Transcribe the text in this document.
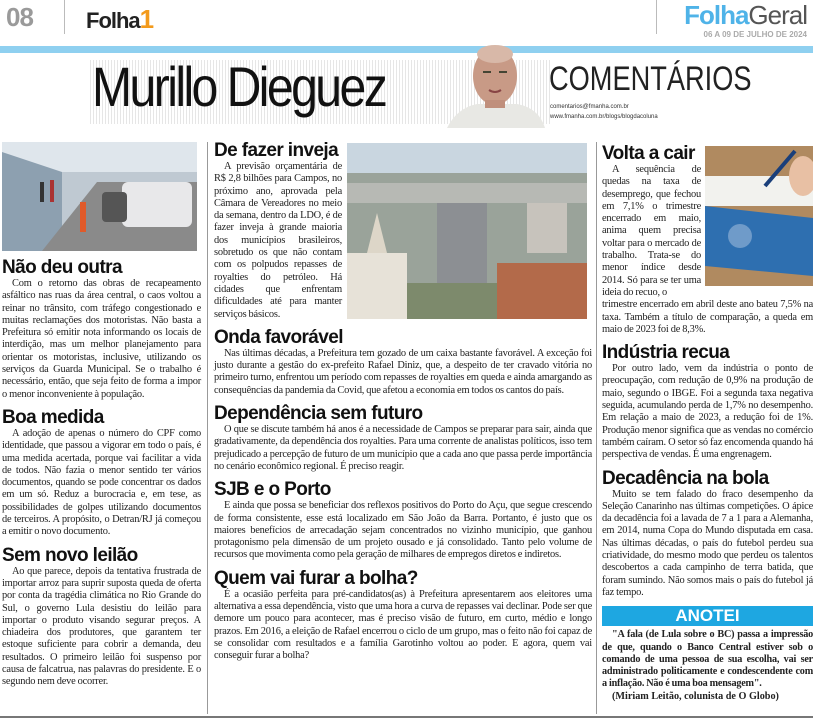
08 Folha1	FolhaGeral
06 A 09 DE JULHO DE 2024
Murillo Dieguez	COMENTÁRIOS
comentarios@fmanha.com.br
www.fmanha.com.br/blogs/blogdacoluna
Não deu outra

Com o retorno das obras de recapeamento asfáltico nas ruas da área central, o caos voltou a reinar no trânsito, com tráfego congestionado e muitas reclamações dos motoristas. Não basta a Prefeitura só emitir nota informando os locais de interdição, mas um melhor planejamento para orientar os motoristas, inclusive, utilizando os serviços da Guarda Municipal. Se o trabalho é necessário, então, que seja feito de forma a impor o menor inconveniente à população.

Boa medida

A adoção de apenas o número do CPF como identidade, que passou a vigorar em todo o país, é uma medida acertada, porque vai facilitar a vida de todos. Não fazia o menor sentido ter vários documentos, quando se pode concentrar os dados em um só. Reduz a burocracia e, em tese, as possibilidades de golpes utilizando documentos de terceiros. A propósito, o Detran/RJ já começou a emitir o novo documento.

Sem novo leilão

Ao que parece, depois da tentativa frustrada de importar arroz para suprir suposta queda de oferta por conta da tragédia climática no Rio Grande do Sul, o governo Lula desistiu do leilão para importar o produto visando segurar preços. A chiadeira dos produtores, que garantem ter estoque suficiente para cobrir a demanda, deu resultados. O primeiro leilão foi suspenso por causa de falcatrua, nas palavras do presidente. E o segundo nem deve ocorrer.

De fazer inveja

A previsão orçamentária de R$ 2,8 bilhões para Campos, no próximo ano, aprovada pela Câmara de Vereadores no meio da semana, dentro da LDO, é de fazer inveja à grande maioria dos municípios brasileiros, sobretudo os que não contam com os polpudos repasses de royalties do petróleo. Há cidades que enfrentam dificuldades até para manter serviços básicos.

Onda favorável

Nas últimas décadas, a Prefeitura tem gozado de um caixa bastante favorável. A exceção foi justo durante a gestão do ex-prefeito Rafael Diniz, que, a despeito de ter cravado vitória no primeiro turno, enfrentou um período com repasses de royalties em queda e ainda amargando as consequências da pandemia da Covid, que afetou a economia em todos os cantos do país.

Dependência sem futuro

O que se discute também há anos é a necessidade de Campos se preparar para sair, ainda que gradativamente, da dependência dos royalties. Para uma corrente de analistas políticos, isso tem prejudicado a percepção de futuro de um município que a cada ano que passa perde importância no cenário econômico regional. É preciso reagir.

SJB e o Porto

E ainda que possa se beneficiar dos reflexos positivos do Porto do Açu, que segue crescendo de forma consistente, esse está localizado em São João da Barra. Portanto, é justo que os maiores benefícios de arrecadação sejam concentrados no vizinho município, que ganhou protagonismo pela dimensão de um projeto ousado e já consolidado. Tanto pelo volume de recursos que movimenta como pela geração de milhares de empregos diretos e indiretos.

Quem vai furar a bolha?

É a ocasião perfeita para pré-candidatos(as) à Prefeitura apresentarem aos eleitores uma alternativa a essa dependência, visto que uma hora a curva de repasses vai declinar. Pode ser que demore um pouco para acontecer, mas é preciso visão de futuro, em curto, médio e longo prazos. Em 2016, a eleição de Rafael encerrou o ciclo de um grupo, mas o feito não foi capaz de se consolidar com resultados e a família Garotinho voltou ao poder. E agora, quem vai conseguir furar a bolha?

Volta a cair

A sequência de quedas na taxa de desemprego, que fechou em 7,1% o trimestre encerrado em maio, anima quem precisa voltar para o mercado de trabalho. Trata-se do menor índice desde 2014. Só para se ter uma ideia do recuo, o

trimestre encerrado em abril deste ano bateu 7,5% na taxa. Também a título de comparação, a queda em maio de 2023 foi de 8,3%.

Indústria recua

Por outro lado, vem da indústria o ponto de preocupação, com redução de 0,9% na produção de maio, segundo o IBGE. Foi a segunda taxa negativa seguida, acumulando perda de 1,7% no desempenho. Em relação a maio de 2023, a redução foi de 1%. Produção menor significa que as vendas no comércio também caíram. O setor só faz encomenda quando há perspectiva de vendas. É uma engrenagem.

Decadência na bola

Muito se tem falado do fraco desempenho da Seleção Canarinho nas últimas competições. O ápice da decadência foi a lavada de 7 a 1 para a Alemanha, em 2014, numa Copa do Mundo disputada em casa. Nas últimas décadas, o país do futebol perdeu sua criatividade, do mesmo modo que perdeu os talentos descobertos a cada campinho de terra batida, que foram sumindo. Não somos mais o país do futebol já faz tempo.

ANOTEI

"A fala (de Lula sobre o BC) passa a impressão de que, quando o Banco Central estiver sob o comando de uma pessoa de sua escolha, vai ser administrado politicamente e condescendente com a inflação. Não é uma boa mensagem".

(Miriam Leitão, colunista de O Globo)
